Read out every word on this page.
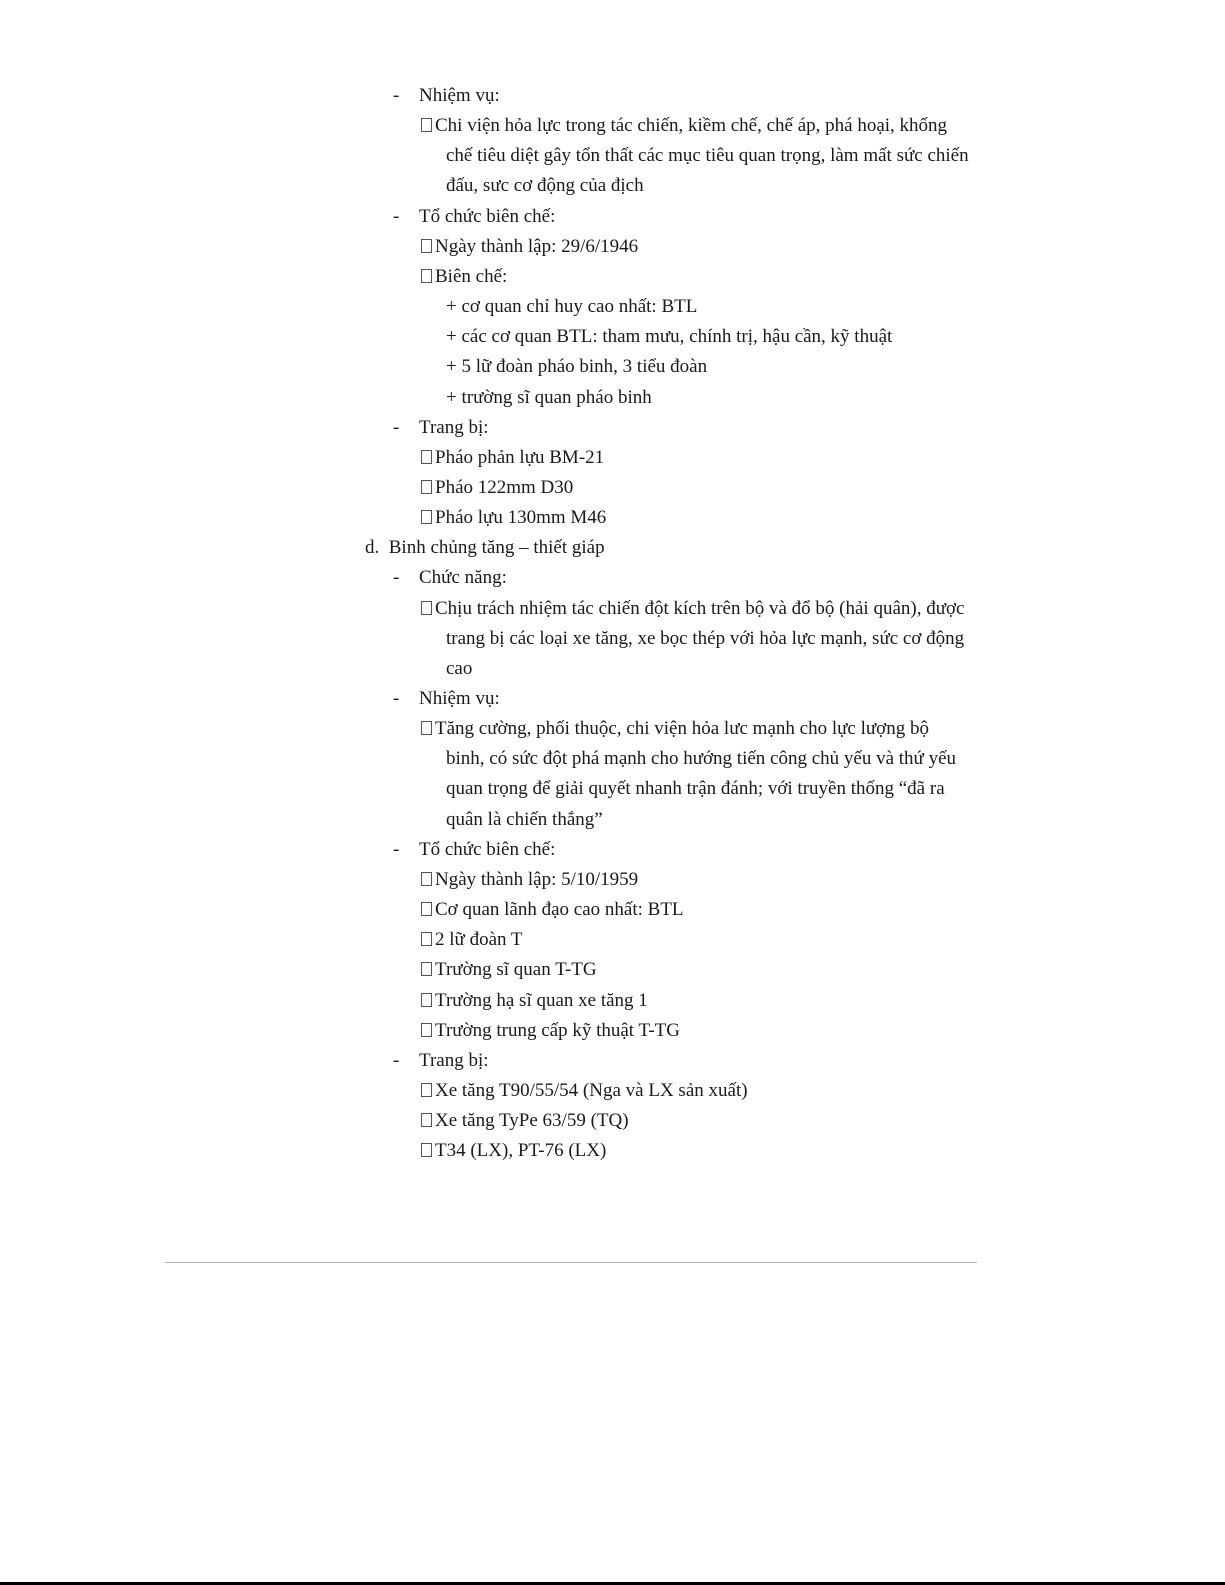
- Nhiệm vụ:
Chi viện hỏa lực trong tác chiến, kiềm chế, chế áp, phá hoại, khống
chế tiêu diệt gây tổn thất các mục tiêu quan trọng, làm mất sức chiến
đấu, sưc cơ động của địch
- Tổ chức biên chế:
Ngày thành lập: 29/6/1946
Biên chế:
+ cơ quan chỉ huy cao nhất: BTL
+ các cơ quan BTL: tham mưu, chính trị, hậu cần, kỹ thuật
+ 5 lữ đoàn pháo binh, 3 tiểu đoàn
+ trường sĩ quan pháo binh
- Trang bị:
Pháo phản lựu BM-21
Pháo 122mm D30
Pháo lựu 130mm M46
d.  Binh chủng tăng – thiết giáp
- Chức năng:
Chịu trách nhiệm tác chiến đột kích trên bộ và đổ bộ (hải quân), được
trang bị các loại xe tăng, xe bọc thép với hỏa lực mạnh, sức cơ động
cao
- Nhiệm vụ:
Tăng cường, phối thuộc, chi viện hỏa lưc mạnh cho lực lượng bộ
binh, có sức đột phá mạnh cho hướng tiến công chủ yếu và thứ yếu
quan trọng để giải quyết nhanh trận đánh; với truyền thống “đã ra
quân là chiến thắng”
- Tổ chức biên chế:
Ngày thành lập: 5/10/1959
Cơ quan lãnh đạo cao nhất: BTL
2 lữ đoàn T
Trường sĩ quan T-TG
Trường hạ sĩ quan xe tăng 1
Trường trung cấp kỹ thuật T-TG
- Trang bị:
Xe tăng T90/55/54 (Nga và LX sản xuất)
Xe tăng TyPe 63/59 (TQ)
T34 (LX), PT-76 (LX)
